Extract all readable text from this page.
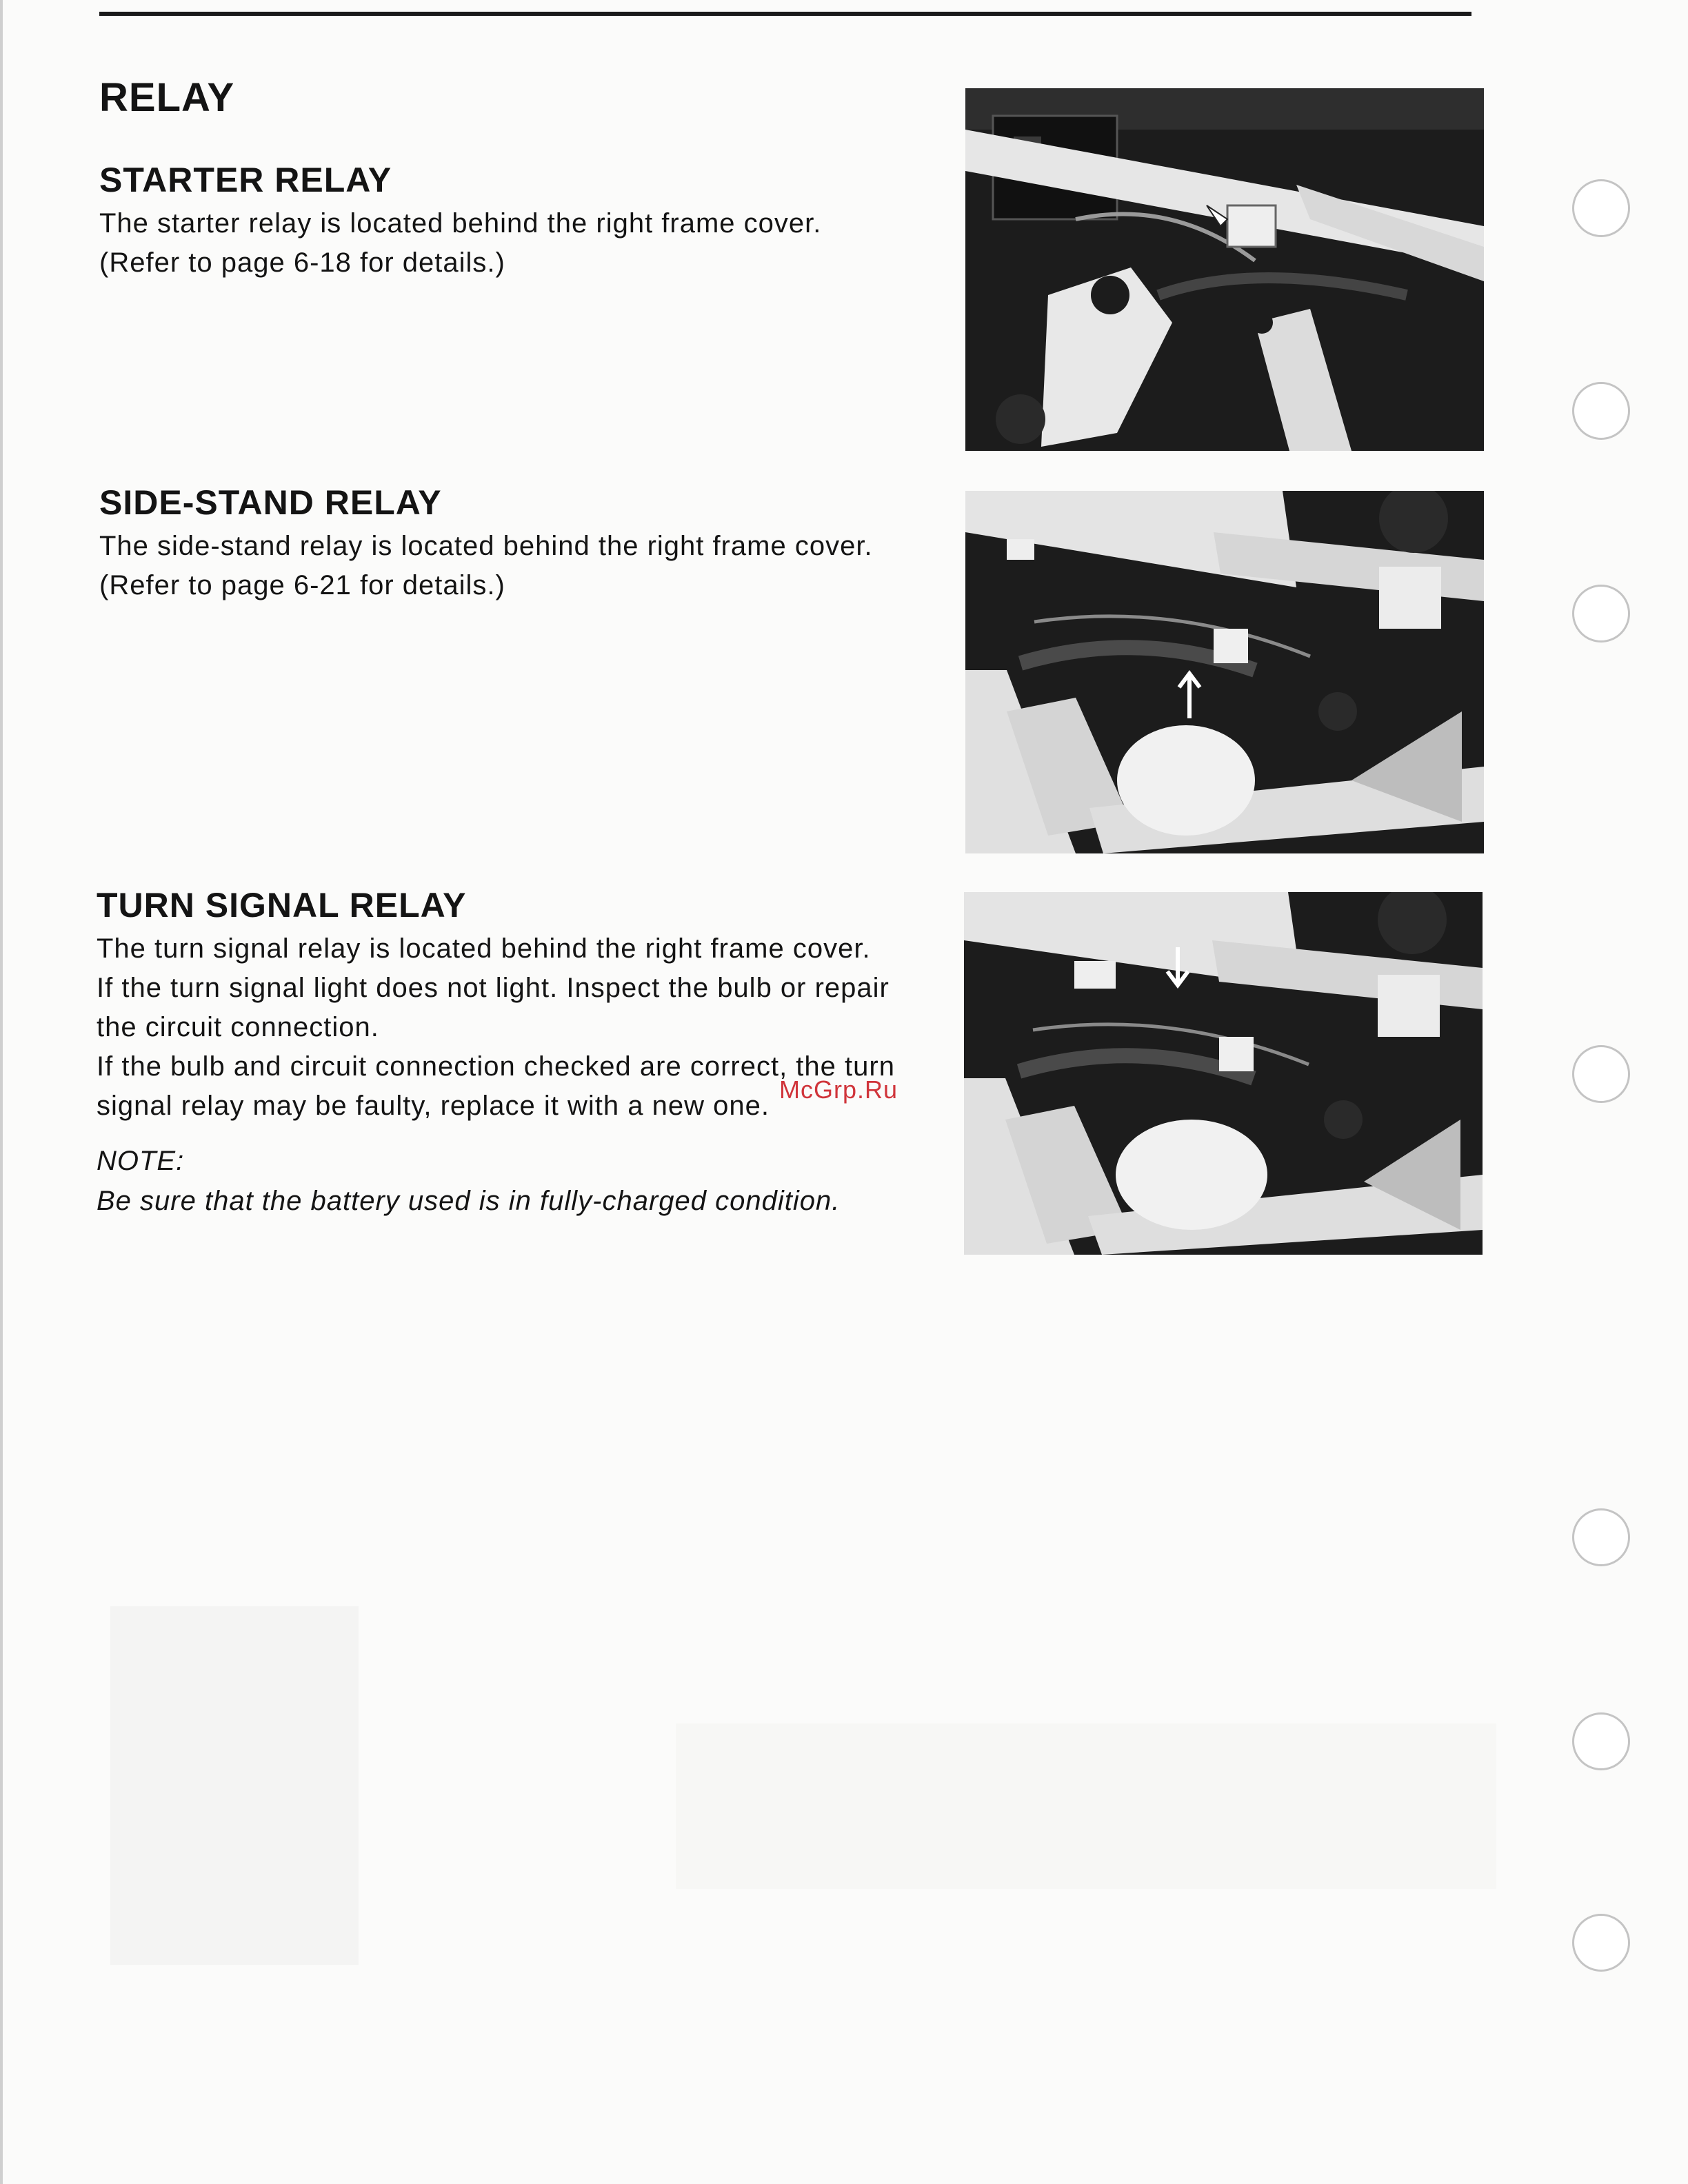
RELAY
STARTER RELAY

The starter relay is located behind the right frame cover.

(Refer to page 6-18 for details.)

SIDE-STAND RELAY

The side-stand relay is located behind the right frame cover.

(Refer to page 6-21 for details.)

TURN SIGNAL RELAY

The turn signal relay is located behind the right frame cover.

If the turn signal light does not light. Inspect the bulb or repair the circuit connection.

If the bulb and circuit connection checked are correct, the turn signal relay may be faulty, replace it with a new one.

McGrp.Ru
NOTE:
Be sure that the battery used is in fully-charged condition.
